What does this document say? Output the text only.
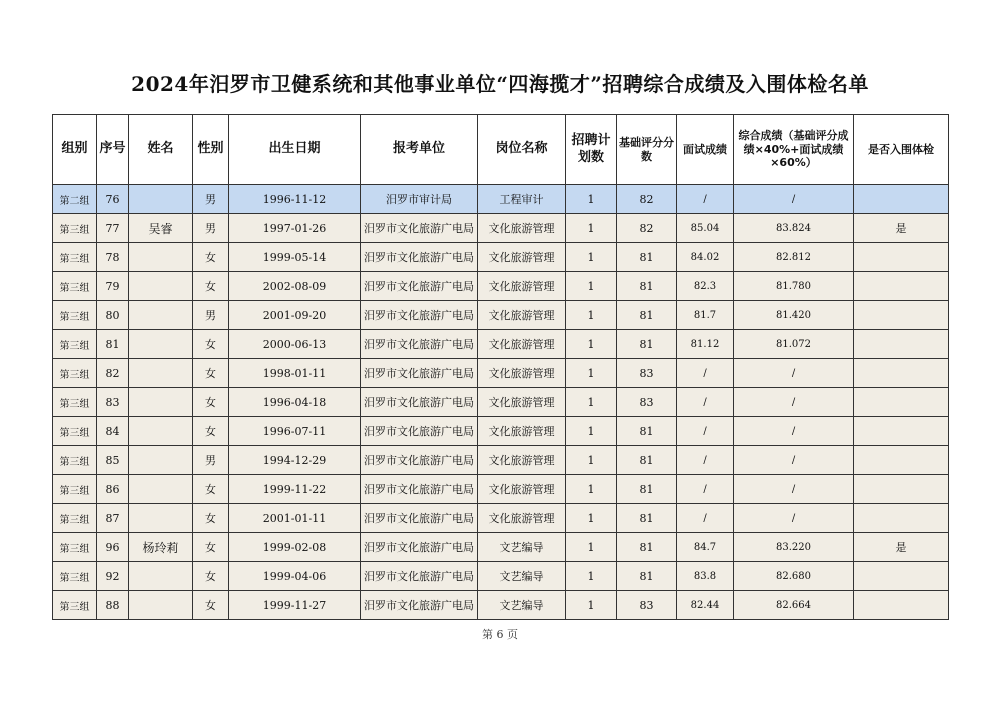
2024年汨罗市卫健系统和其他事业单位“四海揽才”招聘综合成绩及入围体检名单
组别	序号	姓名	性别	出生日期	报考单位	岗位名称	招聘计划数	基础评分分数	面试成绩	综合成绩（基础评分成绩×40%+面试成绩×60%）	是否入围体检
第二组	76		男	1996-11-12	汨罗市审计局	工程审计	1	82	/	/	
第三组	77	吴睿	男	1997-01-26	汨罗市文化旅游广电局	文化旅游管理	1	82	85.04	83.824	是
第三组	78		女	1999-05-14	汨罗市文化旅游广电局	文化旅游管理	1	81	84.02	82.812	
第三组	79		女	2002-08-09	汨罗市文化旅游广电局	文化旅游管理	1	81	82.3	81.780	
第三组	80		男	2001-09-20	汨罗市文化旅游广电局	文化旅游管理	1	81	81.7	81.420	
第三组	81		女	2000-06-13	汨罗市文化旅游广电局	文化旅游管理	1	81	81.12	81.072	
第三组	82		女	1998-01-11	汨罗市文化旅游广电局	文化旅游管理	1	83	/	/	
第三组	83		女	1996-04-18	汨罗市文化旅游广电局	文化旅游管理	1	83	/	/	
第三组	84		女	1996-07-11	汨罗市文化旅游广电局	文化旅游管理	1	81	/	/	
第三组	85		男	1994-12-29	汨罗市文化旅游广电局	文化旅游管理	1	81	/	/	
第三组	86		女	1999-11-22	汨罗市文化旅游广电局	文化旅游管理	1	81	/	/	
第三组	87		女	2001-01-11	汨罗市文化旅游广电局	文化旅游管理	1	81	/	/	
第三组	96	杨玲莉	女	1999-02-08	汨罗市文化旅游广电局	文艺编导	1	81	84.7	83.220	是
第三组	92		女	1999-04-06	汨罗市文化旅游广电局	文艺编导	1	81	83.8	82.680	
第三组	88		女	1999-11-27	汨罗市文化旅游广电局	文艺编导	1	83	82.44	82.664	
第 6 页
